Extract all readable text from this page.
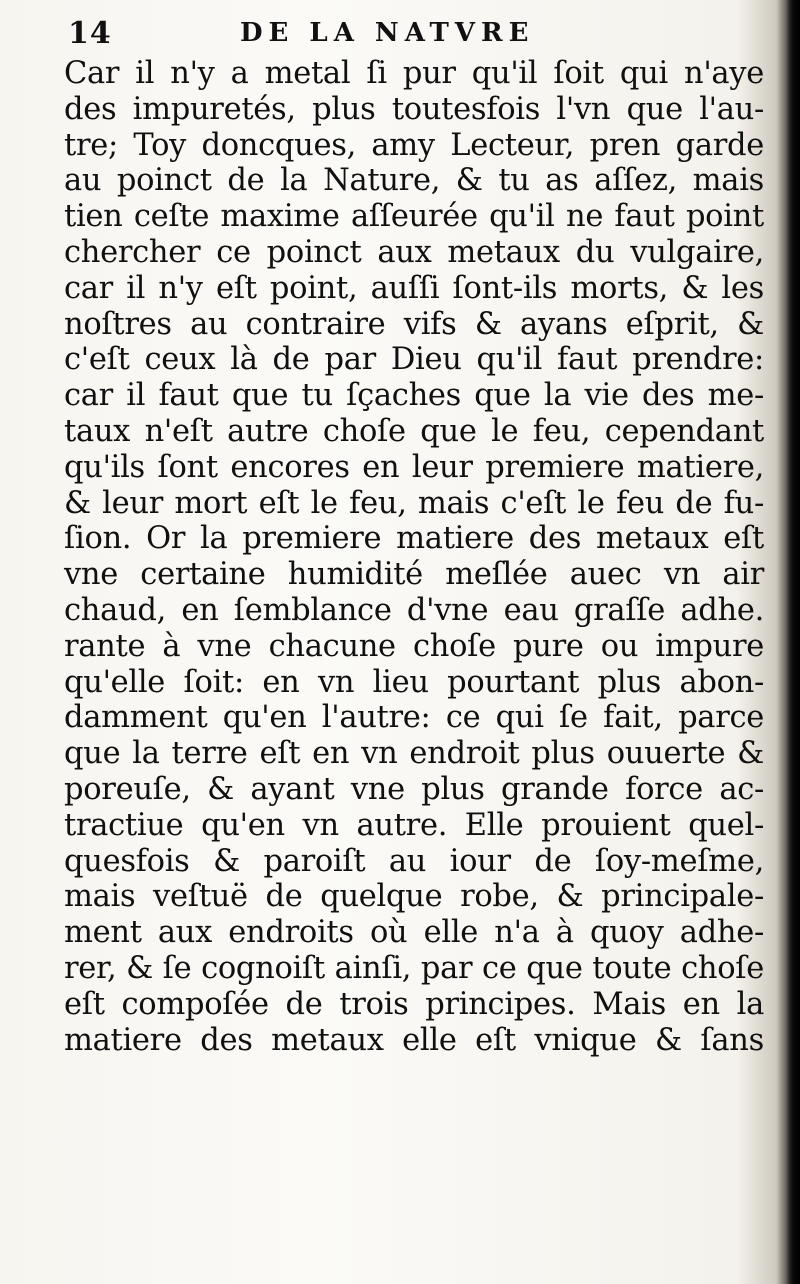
14	DE LA NATVRE
Car il n'y a metal ſi pur qu'il ſoit qui n'aye
des impuretés, plus toutesfois l'vn que l'au-
tre; Toy doncques, amy Lecteur, pren garde
au poinct de la Nature, & tu as aſſez, mais
tien ceſte maxime aſſeurée qu'il ne faut point
chercher ce poinct aux metaux du vulgaire,
car il n'y eſt point, auſſi ſont-ils morts, & les
noſtres au contraire vifs & ayans eſprit, &
c'eſt ceux là de par Dieu qu'il faut prendre:
car il faut que tu ſçaches que la vie des me-
taux n'eſt autre choſe que le feu, cependant
qu'ils ſont encores en leur premiere matiere,
& leur mort eſt le feu, mais c'eſt le feu de fu-
ſion. Or la premiere matiere des metaux eſt
vne certaine humidité meſlée auec vn air
chaud, en ſemblance d'vne eau graſſe adhe.
rante à vne chacune choſe pure ou impure
qu'elle ſoit: en vn lieu pourtant plus abon-
damment qu'en l'autre: ce qui ſe fait, parce
que la terre eſt en vn endroit plus ouuerte &
poreuſe, & ayant vne plus grande force ac-
tractiue qu'en vn autre. Elle prouient quel-
quesfois & paroiſt au iour de ſoy-meſme,
mais veſtuë de quelque robe, & principale-
ment aux endroits où elle n'a à quoy adhe-
rer, & ſe cognoiſt ainſi, par ce que toute choſe
eſt compoſée de trois principes. Mais en la
matiere des metaux elle eſt vnique & ſans
